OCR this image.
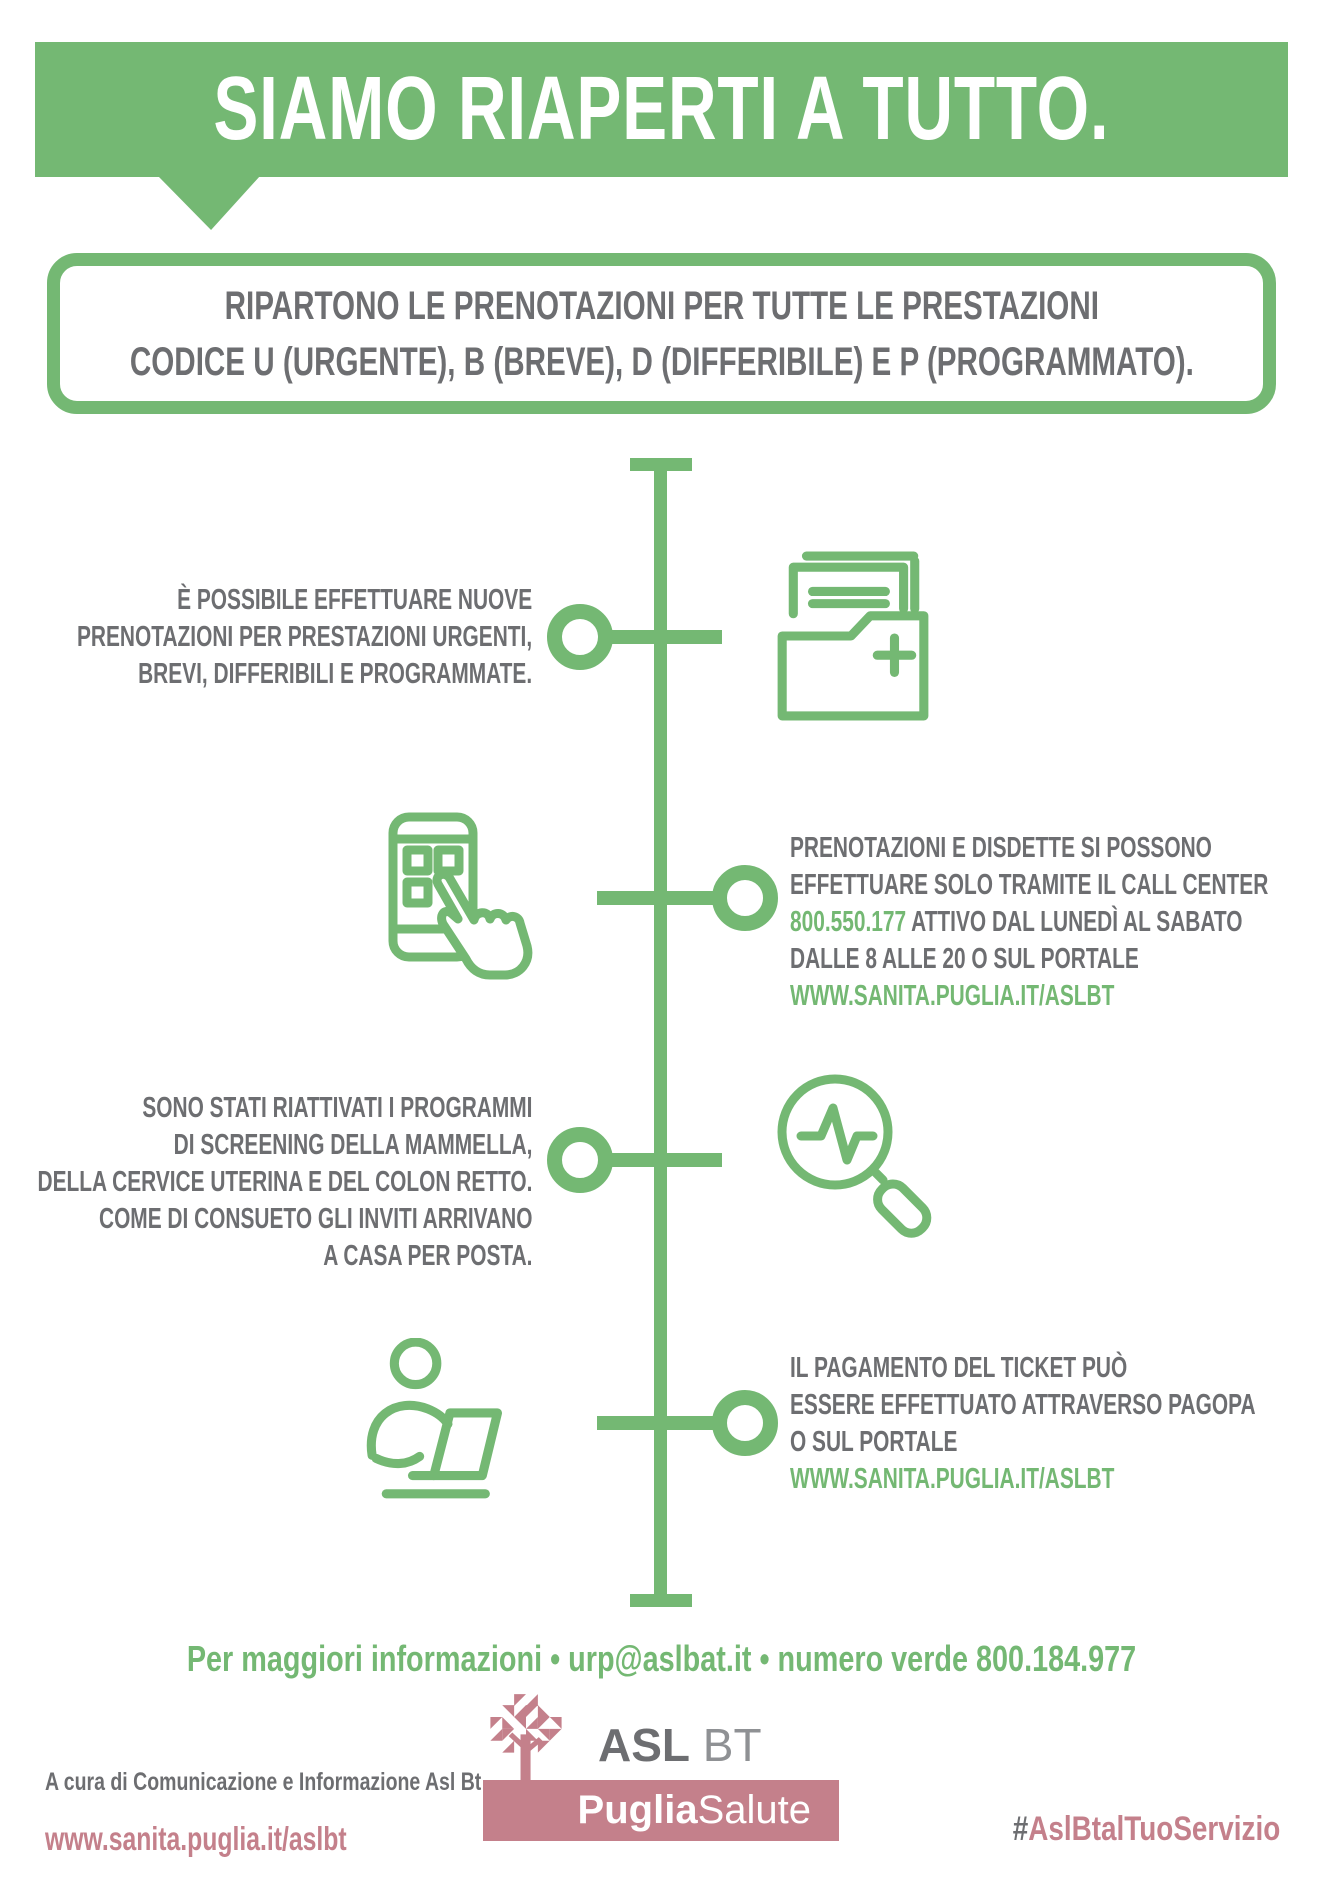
SIAMO RIAPERTI A TUTTO.
RIPARTONO LE PRENOTAZIONI PER TUTTE LE PRESTAZIONI
CODICE U (URGENTE), B (BREVE), D (DIFFERIBILE) E P (PROGRAMMATO).
È POSSIBILE EFFETTUARE NUOVE
PRENOTAZIONI PER PRESTAZIONI URGENTI,
BREVI, DIFFERIBILI E PROGRAMMATE.
PRENOTAZIONI E DISDETTE SI POSSONO
EFFETTUARE SOLO TRAMITE IL CALL CENTER
800.550.177 ATTIVO DAL LUNEDÌ AL SABATO
DALLE 8 ALLE 20 O SUL PORTALE
WWW.SANITA.PUGLIA.IT/ASLBT
SONO STATI RIATTIVATI I PROGRAMMI
DI SCREENING DELLA MAMMELLA,
DELLA CERVICE UTERINA E DEL COLON RETTO.
COME DI CONSUETO GLI INVITI ARRIVANO
A CASA PER POSTA.
IL PAGAMENTO DEL TICKET PUÒ
ESSERE EFFETTUATO ATTRAVERSO PAGOPA
O SUL PORTALE
WWW.SANITA.PUGLIA.IT/ASLBT
Per maggiori informazioni • urp@aslbat.it • numero verde 800.184.977
A cura di Comunicazione e Informazione Asl Bt
www.sanita.puglia.it/aslbt
ASL BT
Puglia Salute	#AslBtalTuoServizio
